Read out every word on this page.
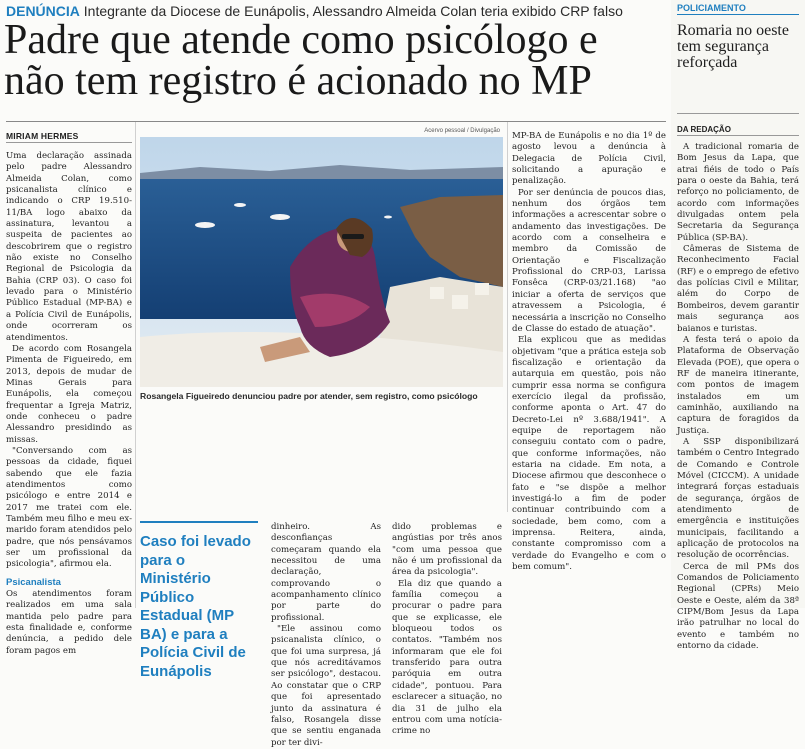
DENÚNCIA Integrante da Diocese de Eunápolis, Alessandro Almeida Colan teria exibido CRP falso
Padre que atende como psicólogo e
não tem registro é acionado no MP
MIRIAM HERMES

Uma declaração assinada pelo padre Alessandro Almeida Colan, como psicanalista clínico e indicando o CRP 19.510-11/BA logo abaixo da assinatura, levantou a suspeita de pacientes ao descobrirem que o registro não existe no Conselho Regional de Psicologia da Bahia (CRP 03). O caso foi levado para o Ministério Público Estadual (MP-BA) e a Polícia Civil de Eunápolis, onde ocorreram os atendimentos.

De acordo com Rosangela Pimenta de Figueiredo, em 2013, depois de mudar de Minas Gerais para Eunápolis, ela começou frequentar a Igreja Matriz, onde conheceu o padre Alessandro presidindo as missas.

"Conversando com as pessoas da cidade, fiquei sabendo que ele fazia atendimentos como psicólogo e entre 2014 e 2017 me tratei com ele. Também meu filho e meu ex-marido foram atendidos pelo padre, que nós pensávamos ser um profissional da psicologia", afirmou ela.

Psicanalista

Os atendimentos foram realizados em uma sala mantida pelo padre para esta finalidade e, conforme denúncia, a pedido dele foram pagos em

Acervo pessoal / Divulgação
Rosangela Figueiredo denunciou padre por atender, sem registro, como psicólogo
Caso foi levado para o Ministério Público Estadual (MP BA) e para a Polícia Civil de Eunápolis

dinheiro. As desconfianças começaram quando ela necessitou de uma declaração, comprovando o acompanhamento clínico por parte do profissional.

"Ele assinou como psicanalista clínico, o que foi uma surpresa, já que nós acreditávamos ser psicólogo", destacou. Ao constatar que o CRP que foi apresentado junto da assinatura é falso, Rosangela disse que se sentiu enganada por ter divi-

dido problemas e angústias por três anos "com uma pessoa que não é um profissional da área da psicologia".

Ela diz que quando a família começou a procurar o padre para que se explicasse, ele bloqueou todos os contatos. "Também nos informaram que ele foi transferido para outra paróquia em outra cidade", pontuou. Para esclarecer a situação, no dia 31 de julho ela entrou com uma notícia-crime no

MP-BA de Eunápolis e no dia 1º de agosto levou a denúncia à Delegacia de Polícia Civil, solicitando a apuração e penalização.

Por ser denúncia de poucos dias, nenhum dos órgãos tem informações a acrescentar sobre o andamento das investigações. De acordo com a conselheira e membro da Comissão de Orientação e Fiscalização Profissional do CRP-03, Larissa Fonsêca (CRP-03/21.168) "ao iniciar a oferta de serviços que atravessem a Psicologia, é necessária a inscrição no Conselho de Classe do estado de atuação".

Ela explicou que as medidas objetivam "que a prática esteja sob fiscalização e orientação da autarquia em questão, pois não cumprir essa norma se configura exercício ilegal da profissão, conforme aponta o Art. 47 do Decreto-Lei nº 3.688/1941". A equipe de reportagem não conseguiu contato com o padre, que conforme informações, não estaria na cidade. Em nota, a Diocese afirmou que desconhece o fato e "se dispõe a melhor investigá-lo a fim de poder continuar contribuindo com a sociedade, bem como, com a imprensa. Reitera, ainda, constante compromisso com a verdade do Evangelho e com o bem comum".

POLICIAMENTO
Romaria no oeste tem segurança reforçada
DA REDAÇÃO

A tradicional romaria de Bom Jesus da Lapa, que atrai fiéis de todo o País para o oeste da Bahia, terá reforço no policiamento, de acordo com informações divulgadas ontem pela Secretaria da Segurança Pública (SP-BA).

Câmeras de Sistema de Reconhecimento Facial (RF) e o emprego de efetivo das polícias Civil e Militar, além do Corpo de Bombeiros, devem garantir mais segurança aos baianos e turistas.

A festa terá o apoio da Plataforma de Observação Elevada (POE), que opera o RF de maneira itinerante, com pontos de imagem instalados em um caminhão, auxiliando na captura de foragidos da Justiça.

A SSP disponibilizará também o Centro Integrado de Comando e Controle Móvel (CICCM). A unidade integrará forças estaduais de segurança, órgãos de atendimento de emergência e instituições municipais, facilitando a aplicação de protocolos na resolução de ocorrências.

Cerca de mil PMs dos Comandos de Policiamento Regional (CPRs) Meio Oeste e Oeste, além da 38ª CIPM/Bom Jesus da Lapa irão patrulhar no local do evento e também no entorno da cidade.
